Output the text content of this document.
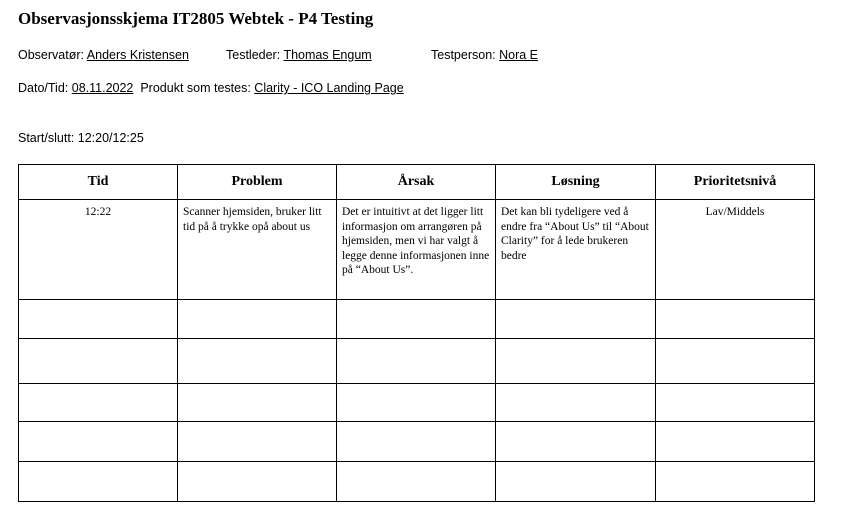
Observasjonsskjema IT2805 Webtek - P4 Testing
Observatør: Anders Kristensen	Testleder: Thomas Engum	Testperson: Nora E
Dato/Tid: 08.11.2022 Produkt som testes: Clarity - ICO Landing Page
Start/slutt: 12:20/12:25
Tid	Problem	Årsak	Løsning	Prioritetsnivå

12:22	Scanner hjemsiden, bruker litt tid på å trykke opå about us	Det er intuitivt at det ligger litt informasjon om arrangøren på hjemsiden, men vi har valgt å legge denne informasjonen inne på “About Us”.	Det kan bli tydeligere ved å endre fra “About Us” til “About Clarity” for å lede brukeren bedre	Lav/Middels
